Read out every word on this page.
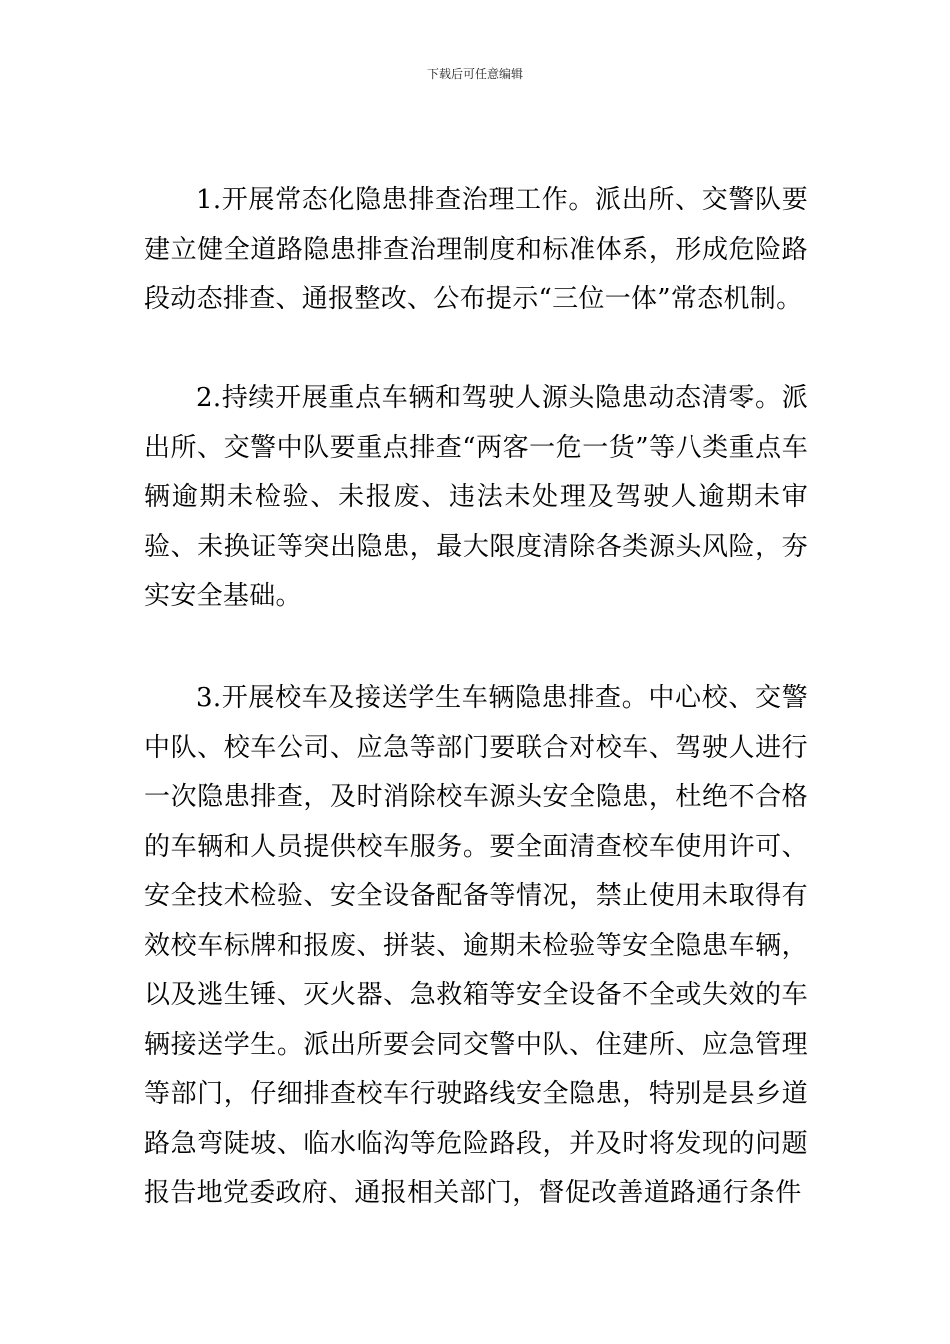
下载后可任意编辑

1.开展常态化隐患排查治理工作。派出所、交警队要建立健全道路隐患排查治理制度和标准体系，形成危险路段动态排查、通报整改、公布提示“三位一体”常态机制。

2.持续开展重点车辆和驾驶人源头隐患动态清零。派出所、交警中队要重点排查“两客一危一货”等八类重点车辆逾期未检验、未报废、违法未处理及驾驶人逾期未审验、未换证等突出隐患，最大限度清除各类源头风险，夯实安全基础。

3.开展校车及接送学生车辆隐患排查。中心校、交警中队、校车公司、应急等部门要联合对校车、驾驶人进行一次隐患排查，及时消除校车源头安全隐患，杜绝不合格的车辆和人员提供校车服务。要全面清查校车使用许可、安全技术检验、安全设备配备等情况，禁止使用未取得有效校车标牌和报废、拼装、逾期未检验等安全隐患车辆，以及逃生锤、灭火器、急救箱等安全设备不全或失效的车辆接送学生。派出所要会同交警中队、住建所、应急管理等部门，仔细排查校车行驶路线安全隐患，特别是县乡道路急弯陡坡、临水临沟等危险路段，并及时将发现的问题报告地党委政府、通报相关部门，督促改善道路通行条件
